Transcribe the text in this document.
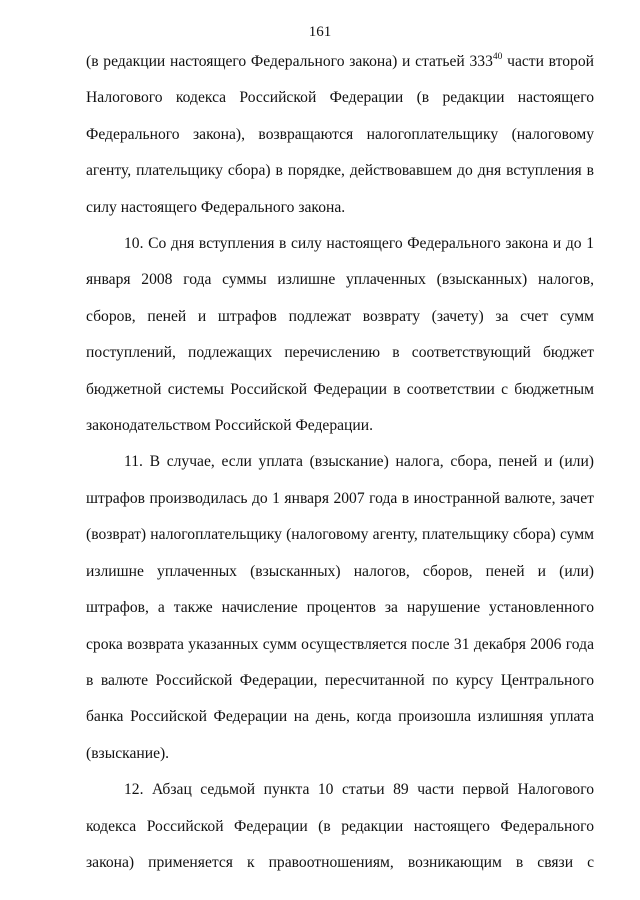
161

(в редакции настоящего Федерального закона) и статьей $333^{40}$ части второй Налогового кодекса Российской Федерации (в редакции настоящего Федерального закона), возвращаются налогоплательщику (налоговому агенту, плательщику сбора) в порядке, действовавшем до дня вступления в силу настоящего Федерального закона.

10. Со дня вступления в силу настоящего Федерального закона и до 1 января 2008 года суммы излишне уплаченных (взысканных) налогов, сборов, пеней и штрафов подлежат возврату (зачету) за счет сумм поступлений, подлежащих перечислению в соответствующий бюджет бюджетной системы Российской Федерации в соответствии с бюджетным законодательством Российской Федерации.

11. В случае, если уплата (взыскание) налога, сбора, пеней и (или) штрафов производилась до 1 января 2007 года в иностранной валюте, зачет (возврат) налогоплательщику (налоговому агенту, плательщику сбора) сумм излишне уплаченных (взысканных) налогов, сборов, пеней и (или) штрафов, а также начисление процентов за нарушение установленного срока возврата указанных сумм осуществляется после 31 декабря 2006 года в валюте Российской Федерации, пересчитанной по курсу Центрального банка Российской Федерации на день, когда произошла излишняя уплата (взыскание).

12. Абзац седьмой пункта 10 статьи 89 части первой Налогового кодекса Российской Федерации (в редакции настоящего Федерального закона) применяется к правоотношениям, возникающим в связи с
